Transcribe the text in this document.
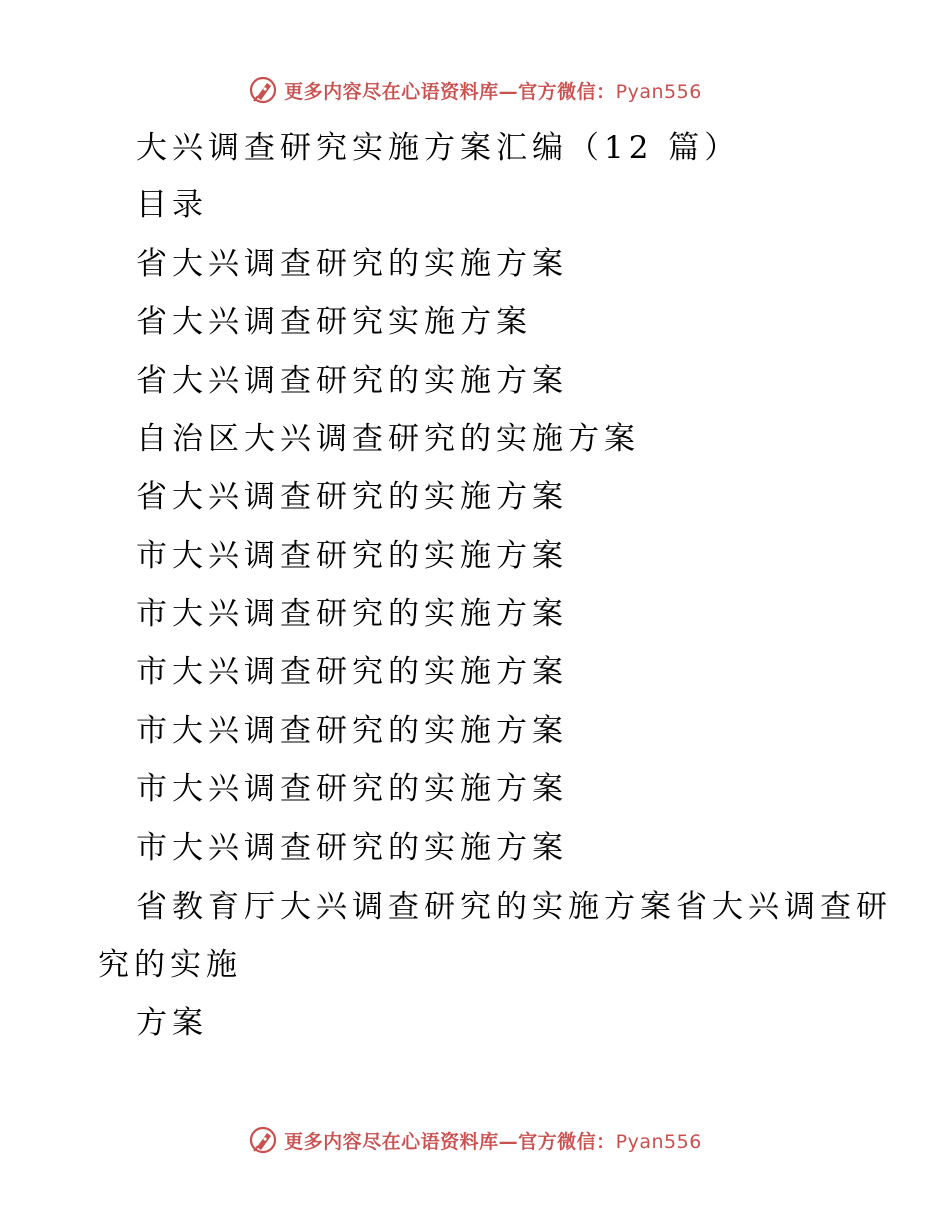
更多内容尽在心语资料库—官方微信：Pyan556
大兴调查研究实施方案汇编（12 篇）
目录
省大兴调查研究的实施方案
省大兴调查研究实施方案
省大兴调查研究的实施方案
自治区大兴调查研究的实施方案
省大兴调查研究的实施方案
市大兴调查研究的实施方案
市大兴调查研究的实施方案
市大兴调查研究的实施方案
市大兴调查研究的实施方案
市大兴调查研究的实施方案
市大兴调查研究的实施方案
省教育厅大兴调查研究的实施方案省大兴调查研
究的实施
方案
更多内容尽在心语资料库—官方微信：Pyan556
